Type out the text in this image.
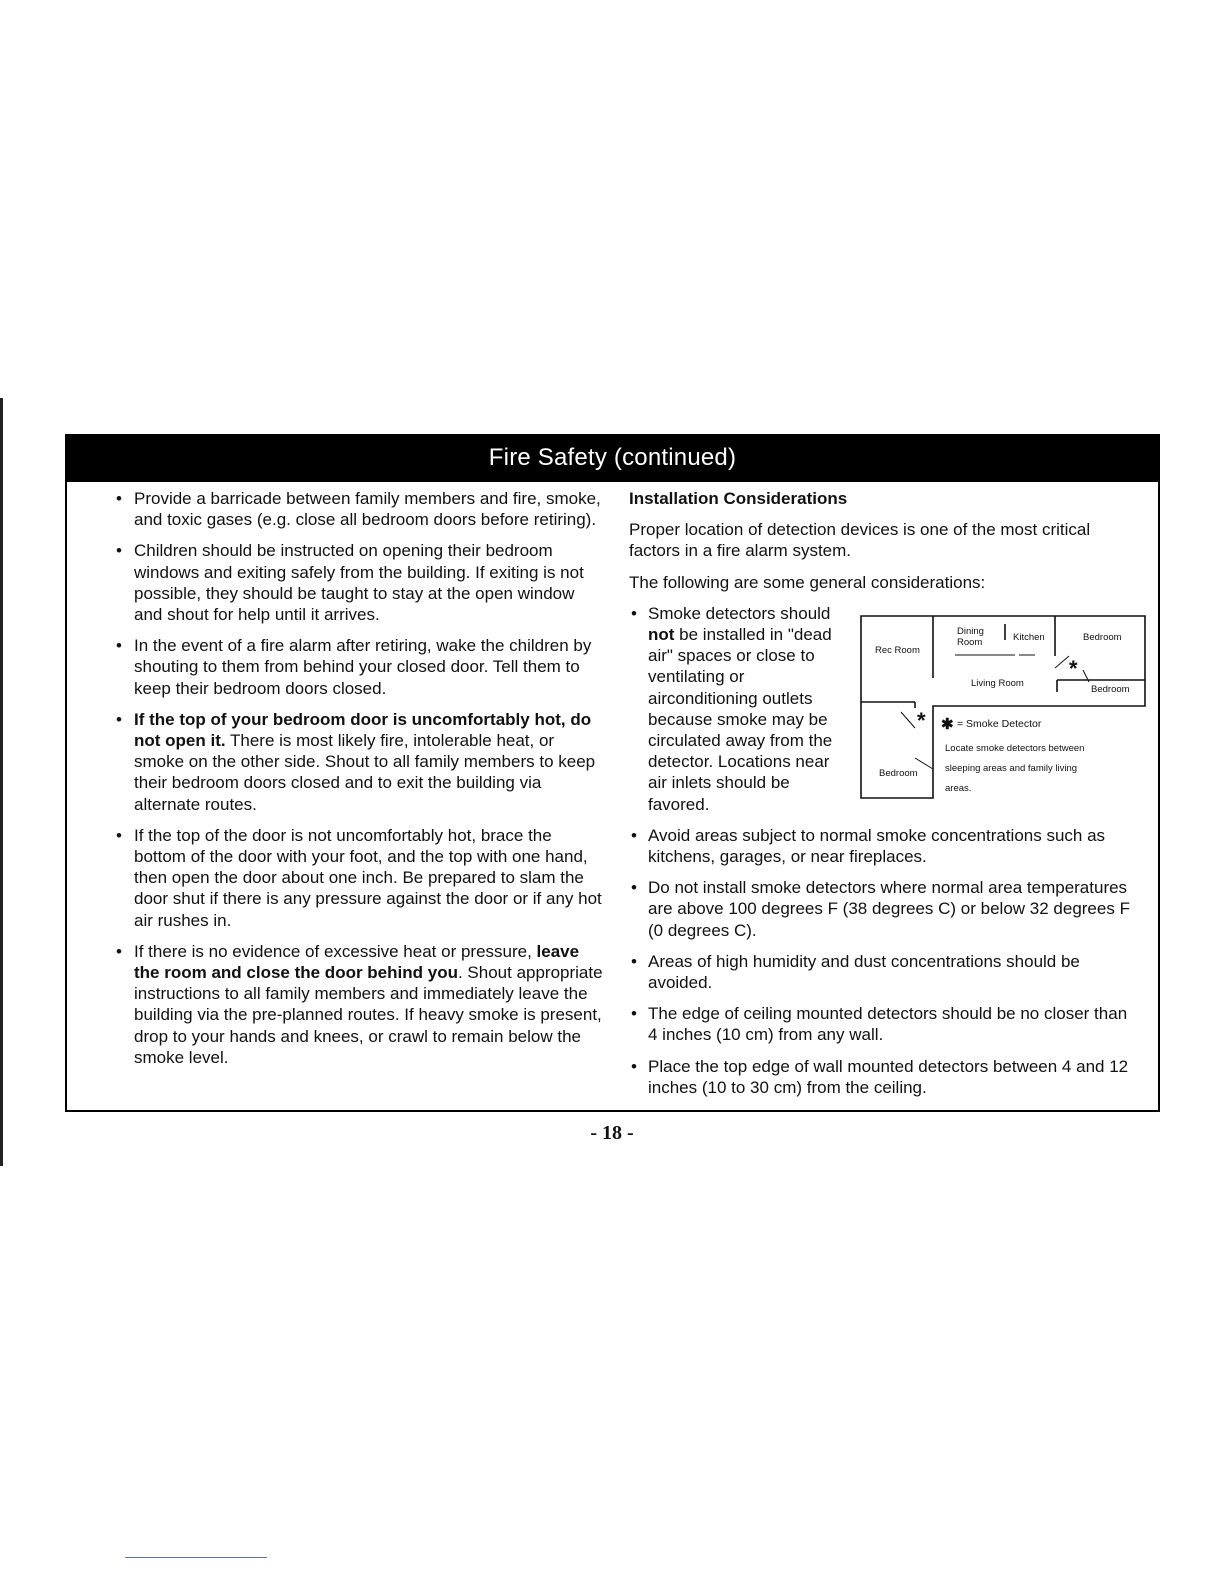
Fire Safety (continued)
• Provide a barricade between family members and fire, smoke, and toxic gases (e.g. close all bedroom doors before retiring).
• Children should be instructed on opening their bedroom windows and exiting safely from the building. If exiting is not possible, they should be taught to stay at the open window and shout for help until it arrives.
• In the event of a fire alarm after retiring, wake the children by shouting to them from behind your closed door. Tell them to keep their bedroom doors closed.
• If the top of your bedroom door is uncomfortably hot, do not open it. There is most likely fire, intolerable heat, or smoke on the other side. Shout to all family members to keep their bedroom doors closed and to exit the building via alternate routes.
• If the top of the door is not uncomfortably hot, brace the bottom of the door with your foot, and the top with one hand, then open the door about one inch. Be prepared to slam the door shut if there is any pressure against the door or if any hot air rushes in.
• If there is no evidence of excessive heat or pressure, leave the room and close the door behind you. Shout appropriate instructions to all family members and immediately leave the building via the pre-planned routes. If heavy smoke is present, drop to your hands and knees, or crawl to remain below the smoke level.
Installation Considerations

Proper location of detection devices is one of the most critical factors in a fire alarm system.

The following are some general considerations:

• Smoke detectors should not be installed in "dead air" spaces or close to ventilating or airconditioning outlets because smoke may be circulated away from the detector. Locations near air inlets should be favored.
• Avoid areas subject to normal smoke concentrations such as kitchens, garages, or near fireplaces.
• Do not install smoke detectors where normal area temperatures are above 100 degrees F (38 degrees C) or below 32 degrees F (0 degrees C).
• Areas of high humidity and dust concentrations should be avoided.
• The edge of ceiling mounted detectors should be no closer than 4 inches (10 cm) from any wall.
• Place the top edge of wall mounted detectors between 4 and 12 inches (10 to 30 cm) from the ceiling.
Rec Room
Dining
Room	Kitchen	Bedroom
Living Room
Bedroom
Bedroom
*
* ✱ = Smoke Detector
Locate smoke detectors between
sleeping areas and family living
areas.
- 18 -
